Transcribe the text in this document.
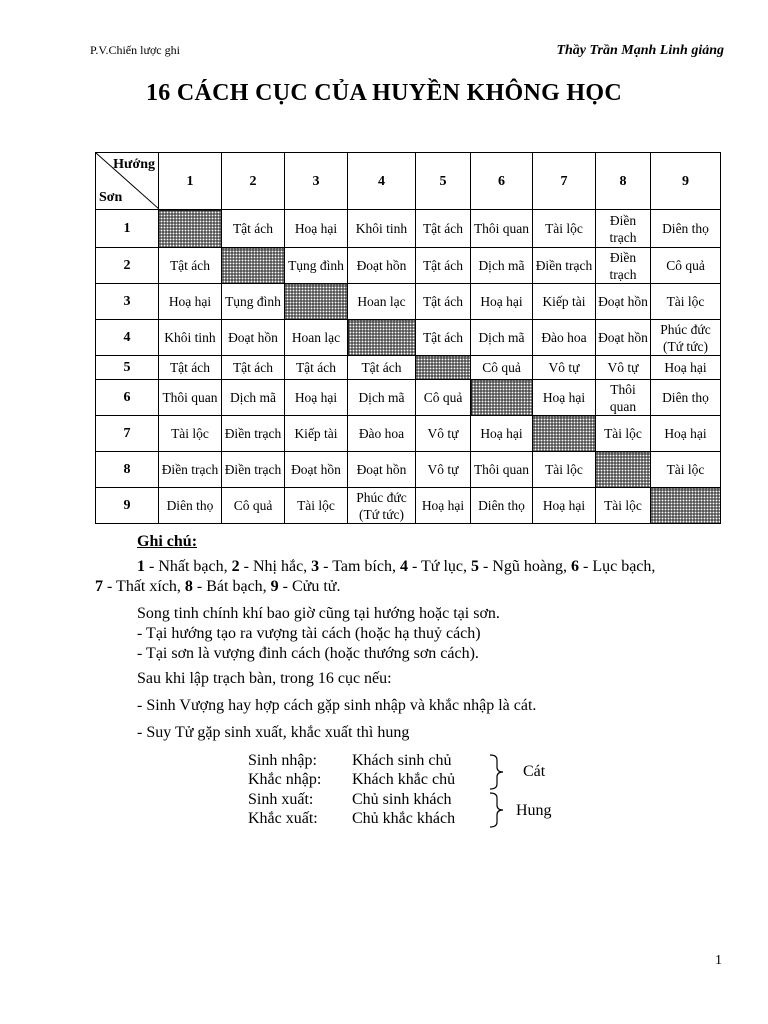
P.V.Chiến lược ghi	Thầy Trần Mạnh Linh giảng
16 CÁCH CỤC CỦA HUYỀN KHÔNG HỌC
Hướng
Sơn	1	2	3	4	5	6	7	8	9
1		Tật ách	Hoạ hại	Khôi tinh	Tật ách	Thôi quan	Tài lộc	Điền trạch	Diên thọ
2	Tật ách		Tụng đình	Đoạt hồn	Tật ách	Dịch mã	Điền trạch	Điền trạch	Cô quả
3	Hoạ hại	Tụng đình		Hoan lạc	Tật ách	Hoạ hại	Kiếp tài	Đoạt hồn	Tài lộc
4	Khôi tinh	Đoạt hồn	Hoan lạc		Tật ách	Dịch mã	Đào hoa	Đoạt hồn	Phúc đức (Tứ tức)
5	Tật ách	Tật ách	Tật ách	Tật ách		Cô quả	Vô tự	Vô tự	Hoạ hại
6	Thôi quan	Dịch mã	Hoạ hại	Dịch mã	Cô quả		Hoạ hại	Thôi quan	Diên thọ
7	Tài lộc	Điền trạch	Kiếp tài	Đào hoa	Vô tự	Hoạ hại		Tài lộc	Hoạ hại
8	Điền trạch	Điền trạch	Đoạt hồn	Đoạt hồn	Vô tự	Thôi quan	Tài lộc		Tài lộc
9	Diên thọ	Cô quả	Tài lộc	Phúc đức (Tứ tức)	Hoạ hại	Diên thọ	Hoạ hại	Tài lộc	
Ghi chú:
1 - Nhất bạch, 2 - Nhị hắc, 3 - Tam bích, 4 - Tứ lục, 5 - Ngũ hoàng, 6 - Lục bạch,
7 - Thất xích, 8 - Bát bạch, 9 - Cửu tử.
Song tinh chính khí bao giờ cũng tại hướng hoặc tại sơn.
- Tại hướng tạo ra vượng tài cách (hoặc hạ thuỷ cách)
- Tại sơn là vượng đinh cách (hoặc thướng sơn cách).
Sau khi lập trạch bàn, trong 16 cục nếu:
- Sinh Vượng hay hợp cách gặp sinh nhập và khắc nhập là cát.
- Suy Tử gặp sinh xuất, khắc xuất thì hung
Sinh nhập: Khách sinh chủ
Khắc nhập: Khách khắc chủ
Sinh xuất: Chủ sinh khách
Khắc xuất: Chủ khắc khách
Cát
Hung
1
